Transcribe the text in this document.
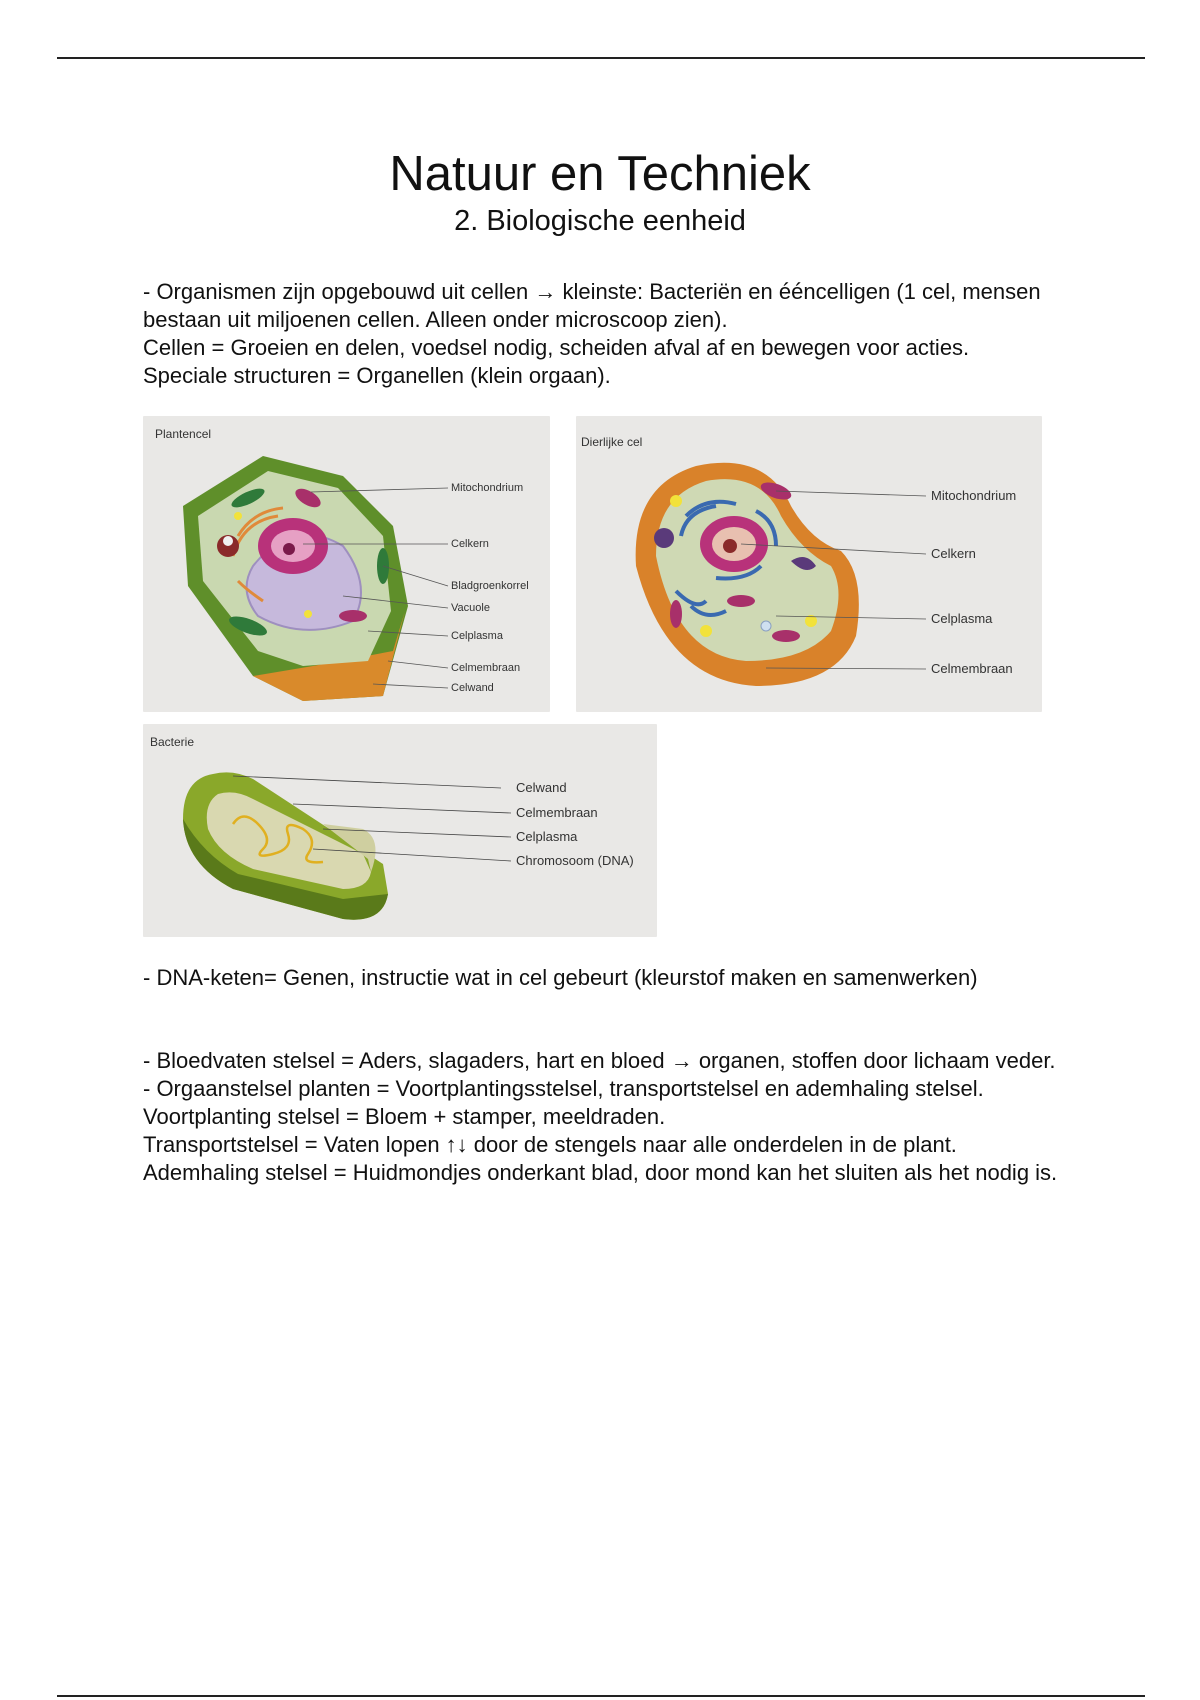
Natuur en Techniek
2. Biologische eenheid

- Organismen zijn opgebouwd uit cellen → kleinste: Bacteriën en ééncelligen (1 cel, mensen bestaan uit miljoenen cellen. Alleen onder microscoop zien).

Cellen = Groeien en delen, voedsel nodig, scheiden afval af en bewegen voor acties.

Speciale structuren = Organellen (klein orgaan).

Plantencel
Mitochondrium
Celkern
Bladgroenkorrel
Vacuole
Celplasma
Celmembraan
Celwand
Dierlijke cel
Mitochondrium
Celkern
Celplasma
Celmembraan
Bacterie
Celwand
Celmembraan
Celplasma
Chromosoom (DNA)

- DNA-keten= Genen, instructie wat in cel gebeurt (kleurstof maken en samenwerken)

- Bloedvaten stelsel = Aders, slagaders, hart en bloed → organen, stoffen door lichaam veder.

- Orgaanstelsel planten = Voortplantingsstelsel, transportstelsel en ademhaling stelsel.

Voortplanting stelsel = Bloem + stamper, meeldraden.

Transportstelsel = Vaten lopen ↑↓ door de stengels naar alle onderdelen in de plant.

Ademhaling stelsel = Huidmondjes onderkant blad, door mond kan het sluiten als het nodig is.
